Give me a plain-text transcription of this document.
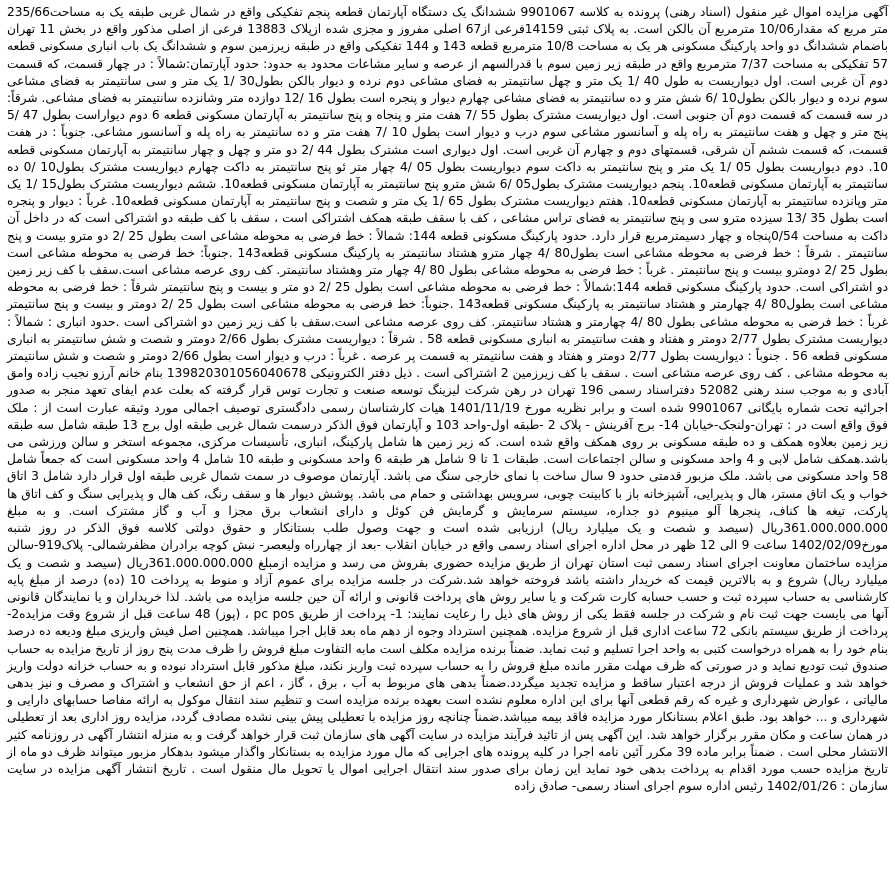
آگهی مزایده اموال غیر منقول (اسناد رهنی) پرونده به کلاسه 9901067 ششدانگ یک دستگاه آپارتمان قطعه پنجم تفکیکی واقع در شمال غربی طبقه یک به مساحت235/66 متر مربع که مقدار10/06 مترمربع آن بالکن است. به پلاک ثبتی 14159فرعی از67 اصلی مفروز و مجزی شده ازپلاک 13883 فرعی از اصلی مذکور واقع در بخش 11 تهران باضمام ششدانگ دو واحد پارکینگ مسکونی هر یک به مساحت 10/8 مترمربع قطعه 143 و 144 تفکیکی واقع در طبقه زیرزمین سوم و ششدانگ یک باب انباری مسکونی قطعه 57 تفکیکی به مساحت 7/37 مترمربع واقع در طبقه زیر زمین سوم با قدرالسهم از عرصه و سایر مشاعات محدود به حدود: حدود آپارتمان:شمالاً : در چهار قسمت، که قسمت دوم آن غربی است. اول دیواریست به طول 40 /1 یک متر و چهل سانتیمتر به فضای مشاعی دوم نرده و دیوار بالکن بطول30 /1 یک متر و سی سانتیمتر به فضای مشاعی سوم نرده و دیوار بالکن بطول10 /6 شش متر و ده سانتیمتر به فضای مشاعی چهارم دیوار و پنجره است بطول 16 /12 دوازده متر وشانزده سانتیمتر به فضای مشاعی. شرقاً: در سه قسمت که قسمت دوم آن جنوبی است. اول دیواریست مشترک بطول 55 /7 هفت متر و پنجاه و پنج سانتیمتر به آپارتمان مسکونی قطعه 6 دوم دیواراست بطول 47 /5 پنج متر و چهل و هفت سانتیمتر به راه پله و آسانسور مشاعی سوم درب و دیوار است بطول 10 /7 هفت متر و ده سانتیمتر به راه پله و آسانسور مشاعی. جنوباً : در هفت قسمت، که قسمت ششم آن شرقی، قسمتهای دوم و چهارم آن غربی است. اول دیواری است مشترک بطول 44 /2 دو متر و چهل و چهار سانتیمتر به آپارتمان مسکونی قطعه 10. دوم دیواریست بطول 05 /1 یک متر و پنج سانتیمتر به داکت سوم دیواریست بطول 05 /4 چهار متر ئو پنج سانتیمتر به داکت چهارم دیواریست مشترک بطول10 /0 ده سانتیمتر به آپارتمان مسکونی قطعه10. پنجم دیواریست مشترک بطول05 /6 شش مترو پنج سانتیمتر به آپارتمان مسکونی قطعه10. ششم دیواریست مشترک بطول15 /1 یک متر وپانزده سانتیمتر به آپارتمان مسکونی قطعه10. هفتم دیواریست مشترک بطول 65 /1 یک متر و شصت و پنج سانتیمتر به آپارتمان مسکونی قطعه10. غرباً : دیوار و پنجره است بطول 35 /13 سیزده مترو سی و پنج سانتیمتر به فضای تراس مشاعی ، کف با سقف طبقه همکف اشتراکی است ، سقف با کف طبقه دو اشتراکی است که در داخل آن داکت به مساحت 0/54پنجاه و چهار دسیمترمربع قرار دارد. حدود پارکینگ مسکونی قطعه 144: شمالاً : خط فرضی به محوطه مشاعی است بطول 25 /2 دو مترو بیست و پنج سانتیمتر . شرقاً : خط فرضی به محوطه مشاعی است بطول80 /4 چهار مترو هشتاد سانتیمتر به پارکینگ مسکونی قطعه143 .جنوباً: خط فرضی به محوطه مشاعی است بطول 25 /2 دومترو بیست و پنج سانتیمتر . غرباً : خط فرضی به محوطه مشاعی بطول 80 /4 چهار متر وهشتاد سانتیمتر. کف روی عرصه مشاعی است.سقف با کف زیر زمین دو اشتراکی است. حدود پارکینگ مسکونی قطعه 144:شمالاً : خط فرضی به محوطه مشاعی است بطول 25 /2 دو متر و بیست و پنج سانتیمتر شرقاً : خط فرضی به محوطه مشاعی است بطول80 /4 چهارمتر و هشتاد سانتیمتر به پارکینگ مسکونی قطعه143 .جنوباً: خط فرضی به محوطه مشاعی است بطول 25 /2 دومتر و بیست و پنج سانتیمتر غرباً : خط فرضی به محوطه مشاعی بطول 80 /4 چهارمتر و هشتاد سانتیمتر. کف روی عرصه مشاعی است.سقف با کف زیر زمین دو اشتراکی است .حدود انباری : شمالاً : دیواریست مشترک بطول 2/77 دومتر و هفتاد و هفت سانتیمتر به انباری مسکونی قطعه 58 . شرقاً : دیواریست مشترک بطول 2/66 دومتر و شصت و شش سانتیمتر به انباری مسکونی قطعه 56 . جنوباً : دیواریست بطول 2/77 دومتر و هفتاد و هفت سانتیمتر به قسمت پر عرصه . غرباً : درب و دیوار است بطول 2/66 دومتر و شصت و شش سانتیمتر به محوطه مشاعی . کف روی عرصه مشاعی است . سقف با کف زیرزمین 2 اشتراکی است . ذیل دفتر الکترونیکی 139820301056040678 بنام خانم آرزو نجیب زاده وامق آبادی و به موجب سند رهنی 52082 دفتراسناد رسمی 196 تهران در رهن شرکت لیزینگ توسعه صنعت و تجارت توس قرار گرفته که بعلت عدم ایفای تعهد منجر به صدور اجرائیه تحت شماره بایگانی 9901067 شده است و برابر نظریه مورخ 1401/11/19 هیات کارشناسان رسمی دادگستری توصیف اجمالی مورد وثیقه عبارت است از : ملک فوق واقع است در : تهران-ولنجک-خیابان 14- برج آفرینش - پلاک 2 -طبقه اول-واحد 103 و آپارتمان فوق الذکر درسمت شمال غربی طبقه اول برج 13 طبقه شامل سه طبقه زیر زمین بعلاوه همکف و ده طبقه مسکونی بر روی همکف واقع شده است. که زیر زمین ها شامل پارکینگ، انباری، تأسیسات مرکزی، مجموعه استخر و سالن ورزشی می باشد.همکف شامل لابی و 4 واحد مسکونی و سالن اجتماعات است. طبقات 1 تا 9 شامل هر طبقه 6 واحد مسکونی و طبقه 10 شامل 4 واحد مسکونی است که جمعاً شامل 58 واحد مسکونی می باشد. ملک مزبور قدمتی حدود 9 سال ساخت با نمای خارجی سنگ می باشد. آپارتمان موصوف در سمت شمال غربی طبقه اول قرار دارد شامل 3 اتاق خواب و یک اتاق مستر، هال و پذیرایی، آشپزخانه باز با کابینت چوبی، سرویس بهداشتی و حمام می باشد. پوشش دیوار ها و سقف رنگ، کف هال و پذیرایی سنگ و کف اتاق ها پارکت، تیغه ها کناف، پنجرها آلو مینیوم دو جداره، سیستم سرمایش و گرمایش فن کوئل و دارای انشعاب برق مجزا و آب و گاز مشترک است. و به مبلغ 361.000.000.000ریال (سیصد و شصت و یک میلیارد ریال) ارزیابی شده است و جهت وصول طلب بستانکار و حقوق دولتی کلاسه فوق الذکر در روز شنبه مورخ1402/02/09 ساعت 9 الی 12 ظهر در محل اداره اجرای اسناد رسمی واقع در خیابان انقلاب -بعد از چهارراه ولیعصر- نبش کوچه برادران مظفرشمالی- پلاک919-سالن مزایده ساختمان معاونت اجرای اسناد رسمی ثبت استان تهران از طریق مزایده حضوری بفروش می رسد و مزایده ازمبلغ 361.000.000.000ریال (سیصد و شصت و یک میلیارد ریال) شروع و به بالاترین قیمت که خریدار داشته باشد فروخته خواهد شد.شرکت در جلسه مزایده برای عموم آزاد و منوط به پرداخت 10 (ده) درصد از مبلغ پایه کارشناسی به حساب سپرده ثبت و حسب حسابه کارت شرکت و یا سایر روش های پرداخت قانونی و ارائه آن حین جلسه مزایده می باشد. لذا خریداران و یا نمایندگان قانونی آنها می بایست جهت ثبت نام و شرکت در جلسه فقط یکی از روش های ذیل را رعایت نمایند: 1- پرداخت از طریق pc pos ، (پوز) 48 ساعت قبل از شروع وقت مزایده2- پرداخت از طریق سیستم بانکی 72 ساعت اداری قبل از شروع مزایده. همچنین استرداد وجوه از دهم ماه بعد قابل اجرا میباشد. همچنین اصل فیش واریزی مبلغ ودیعه ده درصد بنام خود را به همراه درخواست کتبی به واحد اجرا تسلیم و ثبت نماید. ضمناً برنده مزایده مکلف است مابه التفاوت مبلغ فروش را ظرف مدت پنج روز از تاریخ مزایده به حساب صندوق ثبت تودیع نماید و در صورتی که ظرف مهلت مقرر مانده مبلغ فروش را به حساب سپرده ثبت واریز نکند، مبلغ مذکور قابل استرداد نبوده و به حساب خزانه دولت واریز خواهد شد و عملیات فروش از درجه اعتبار ساقط و مزایده تجدید میگردد.ضمناً بدهی های مربوط به آب ، برق ، گاز ، اعم از حق انشعاب و اشتراک و مصرف و نیز بدهی مالیاتی ، عوارض شهرداری و غیره که رقم قطعی آنها برای این اداره معلوم نشده است بعهده برنده مزایده است و تنظیم سند انتقال موکول به ارائه مفاصا حسابهای دارایی و شهرداری و ... خواهد بود. طبق اعلام بستانکار مورد مزایده فاقد بیمه میباشد.ضمناً چنانچه روز مزایده با تعطیلی پیش بینی نشده مصادف گردد، مزایده روز اداری بعد از تعطیلی در همان ساعت و مکان مقرر برگزار خواهد شد. این آگهی پس از تائید فرآیند مزایده در سایت آگهی های سازمان ثبت قرار خواهد گرفت و به منزله انتشار آگهی در روزنامه کثیر الانتشار محلی است . ضمناً برابر ماده 39 مکرر آئین نامه اجرا در کلیه پرونده های اجرایی که مال مورد مزایده به بستانکار واگذار میشود بدهکار مزبور میتواند ظرف دو ماه از تاریخ مزایده حسب مورد اقدام به پرداخت بدهی خود نماید این زمان برای صدور سند انتقال اجرایی اموال یا تحویل مال منقول است . تاریخ انتشار آگهی مزایده در سایت سازمان : 1402/01/26 رئیس اداره سوم اجرای اسناد رسمی- صادق زاده
